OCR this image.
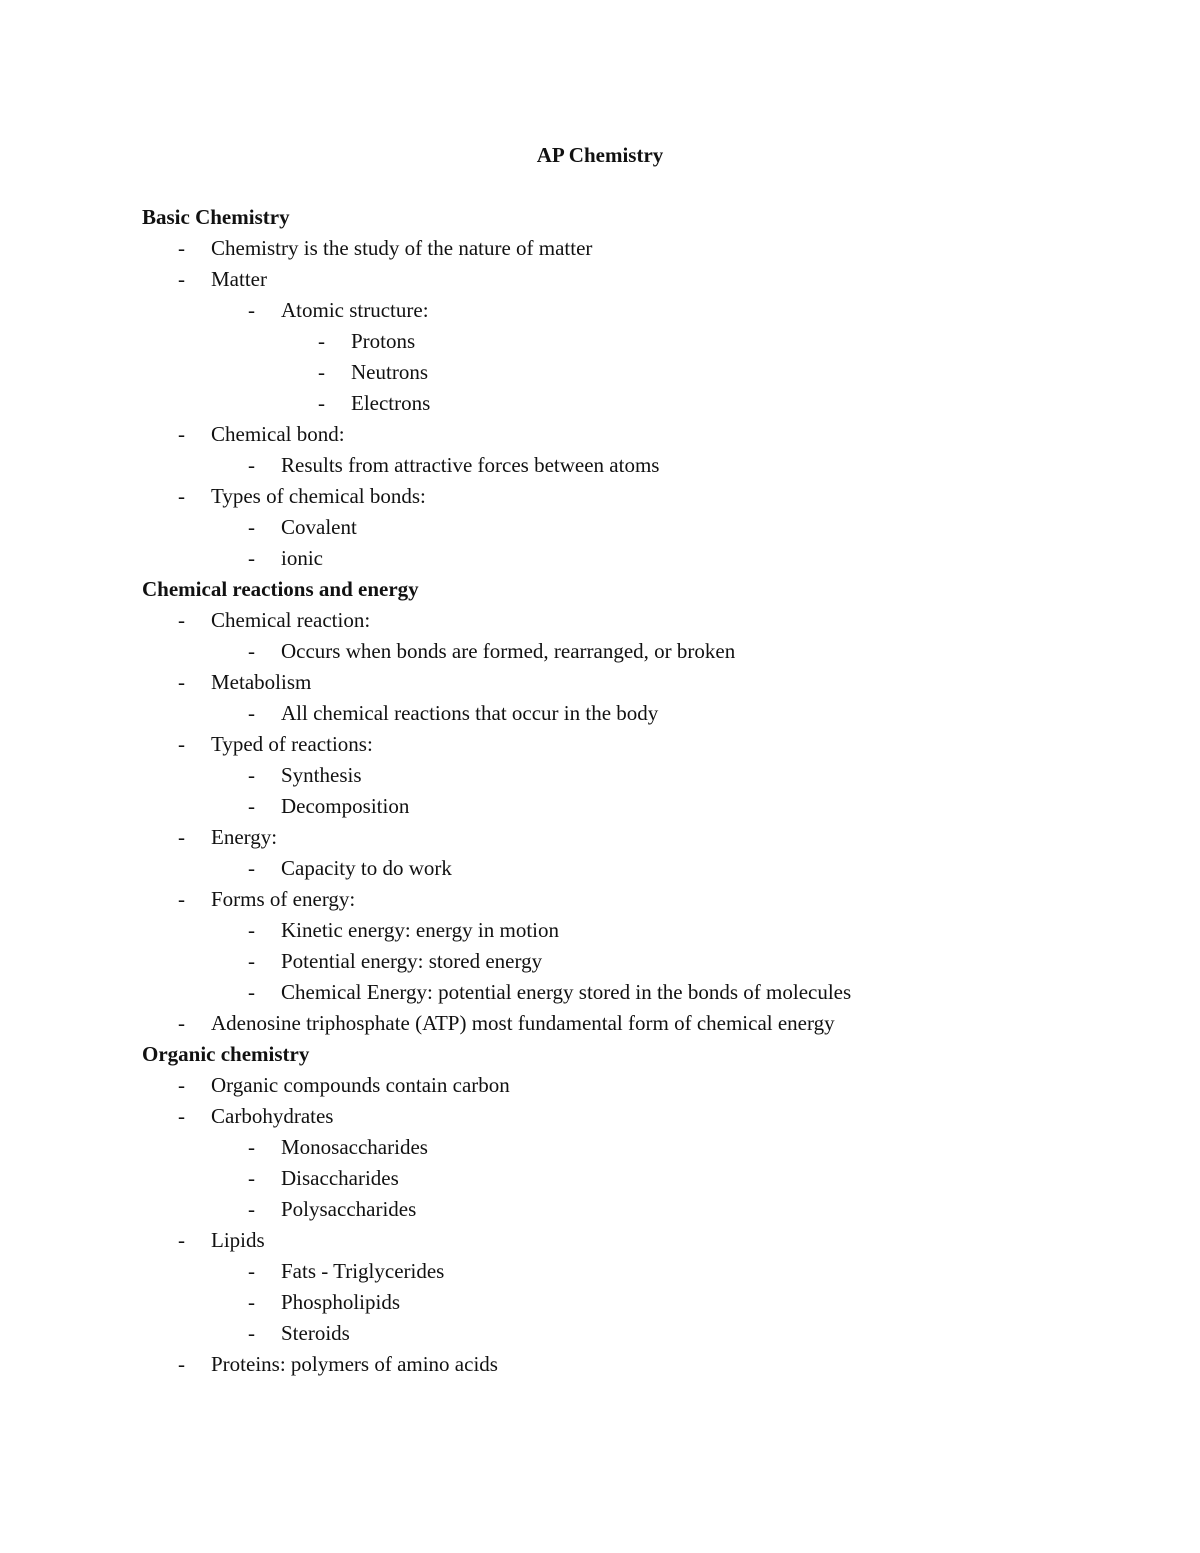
AP Chemistry
Basic Chemistry
- Chemistry is the study of the nature of matter
- Matter
- Atomic structure:
- Protons
- Neutrons
- Electrons
- Chemical bond:
- Results from attractive forces between atoms
- Types of chemical bonds:
- Covalent
- ionic
Chemical reactions and energy
- Chemical reaction:
- Occurs when bonds are formed, rearranged, or broken
- Metabolism
- All chemical reactions that occur in the body
- Typed of reactions:
- Synthesis
- Decomposition
- Energy:
- Capacity to do work
- Forms of energy:
- Kinetic energy: energy in motion
- Potential energy: stored energy
- Chemical Energy: potential energy stored in the bonds of molecules
- Adenosine triphosphate (ATP) most fundamental form of chemical energy
Organic chemistry
- Organic compounds contain carbon
- Carbohydrates
- Monosaccharides
- Disaccharides
- Polysaccharides
- Lipids
- Fats - Triglycerides
- Phospholipids
- Steroids
- Proteins: polymers of amino acids
